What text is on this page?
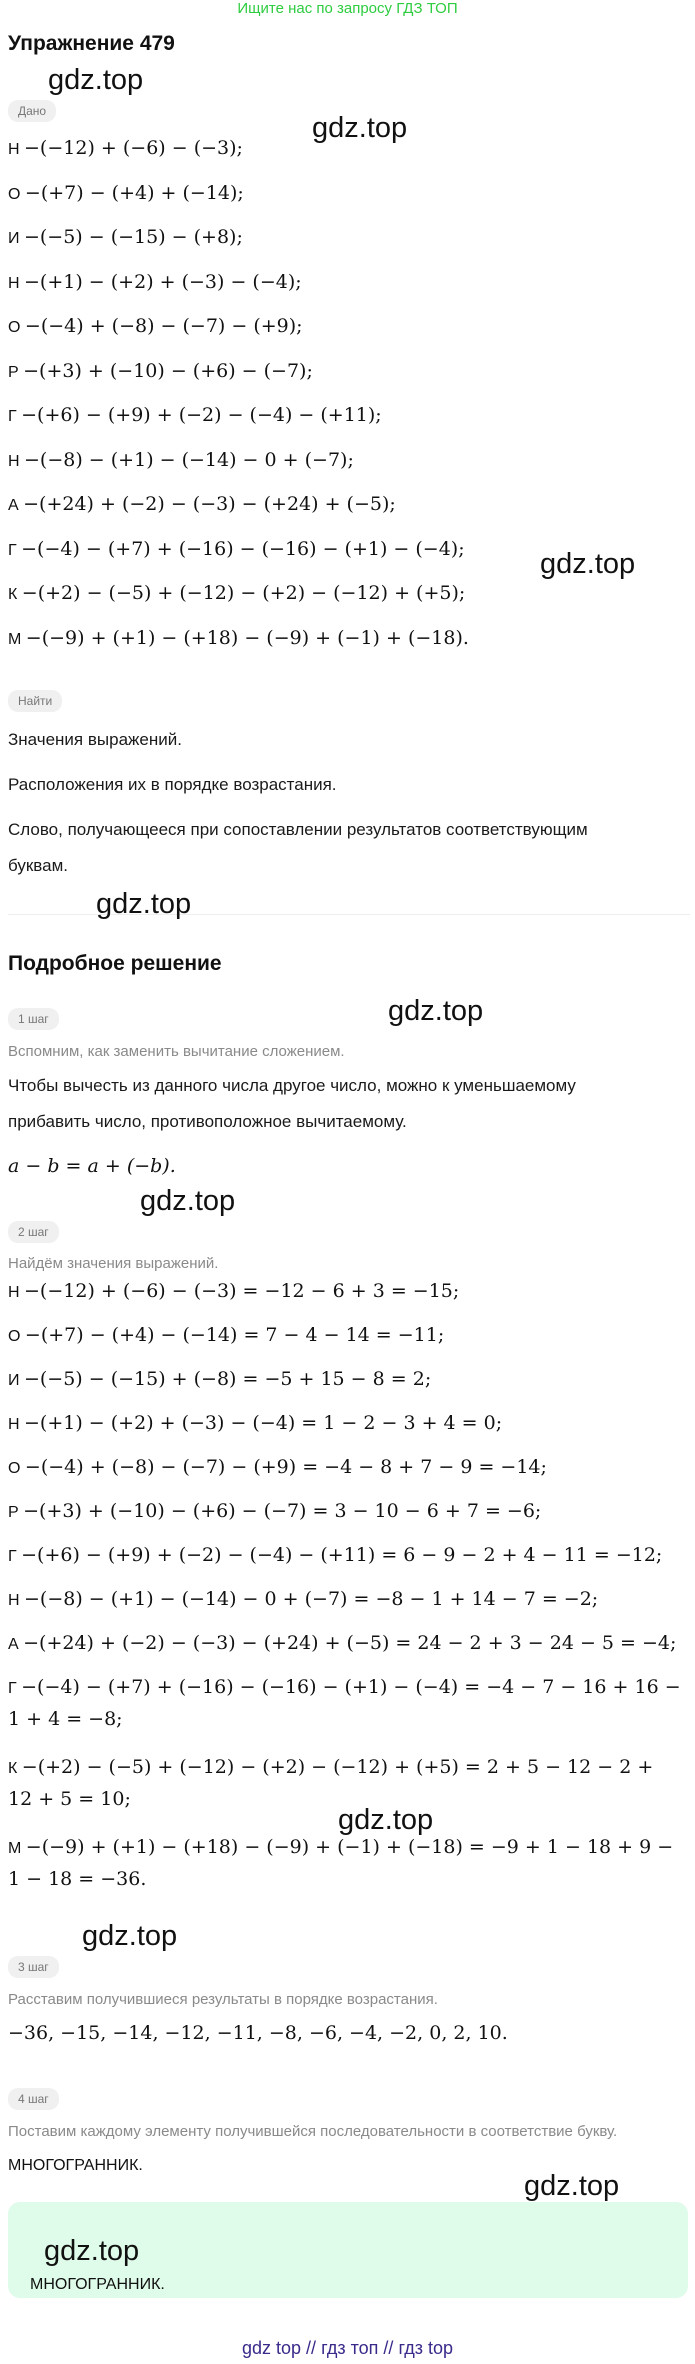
Ищите нас по запросу ГДЗ ТОП
Упражнение 479
Дано
Н −(−12) + (−6) − (−3);
О −(+7) − (+4) + (−14);
И −(−5) − (−15) − (+8);
Н −(+1) − (+2) + (−3) − (−4);
О −(−4) + (−8) − (−7) − (+9);
Р −(+3) + (−10) − (+6) − (−7);
Г −(+6) − (+9) + (−2) − (−4) − (+11);
Н −(−8) − (+1) − (−14) − 0 + (−7);
А −(+24) + (−2) − (−3) − (+24) + (−5);
Г −(−4) − (+7) + (−16) − (−16) − (+1) − (−4);
К −(+2) − (−5) + (−12) − (+2) − (−12) + (+5);
М −(−9) + (+1) − (+18) − (−9) + (−1) + (−18).
Найти
Значения выражений.
Расположения их в порядке возрастания.
Слово, получающееся при сопоставлении результатов соответствующим
буквам.
Подробное решение
1 шаг
Вспомним, как заменить вычитание сложением.
Чтобы вычесть из данного числа другое число, можно к уменьшаемому
прибавить число, противоположное вычитаемому.
a − b = a + (−b).
2 шаг
Найдём значения выражений.
Н −(−12) + (−6) − (−3) = −12 − 6 + 3 = −15;
О −(+7) − (+4) − (−14) = 7 − 4 − 14 = −11;
И −(−5) − (−15) + (−8) = −5 + 15 − 8 = 2;
Н −(+1) − (+2) + (−3) − (−4) = 1 − 2 − 3 + 4 = 0;
О −(−4) + (−8) − (−7) − (+9) = −4 − 8 + 7 − 9 = −14;
Р −(+3) + (−10) − (+6) − (−7) = 3 − 10 − 6 + 7 = −6;
Г −(+6) − (+9) + (−2) − (−4) − (+11) = 6 − 9 − 2 + 4 − 11 = −12;
Н −(−8) − (+1) − (−14) − 0 + (−7) = −8 − 1 + 14 − 7 = −2;
А −(+24) + (−2) − (−3) − (+24) + (−5) = 24 − 2 + 3 − 24 − 5 = −4;
Г −(−4) − (+7) + (−16) − (−16) − (+1) − (−4) = −4 − 7 − 16 + 16 −
1 + 4 = −8;
К −(+2) − (−5) + (−12) − (+2) − (−12) + (+5) = 2 + 5 − 12 − 2 +
12 + 5 = 10;
М −(−9) + (+1) − (+18) − (−9) + (−1) + (−18) = −9 + 1 − 18 + 9 −
1 − 18 = −36.
3 шаг
Расставим получившиеся результаты в порядке возрастания.
−36, −15, −14, −12, −11, −8, −6, −4, −2, 0, 2, 10.
4 шаг
Поставим каждому элементу получившейся последовательности в соответствие букву.
МНОГОГРАННИК.
МНОГОГРАННИК.
gdz.top
gdz.top
gdz.top
gdz.top
gdz.top
gdz.top
gdz.top
gdz.top
gdz.top
gdz.top
gdz top // гдз топ // гдз top
